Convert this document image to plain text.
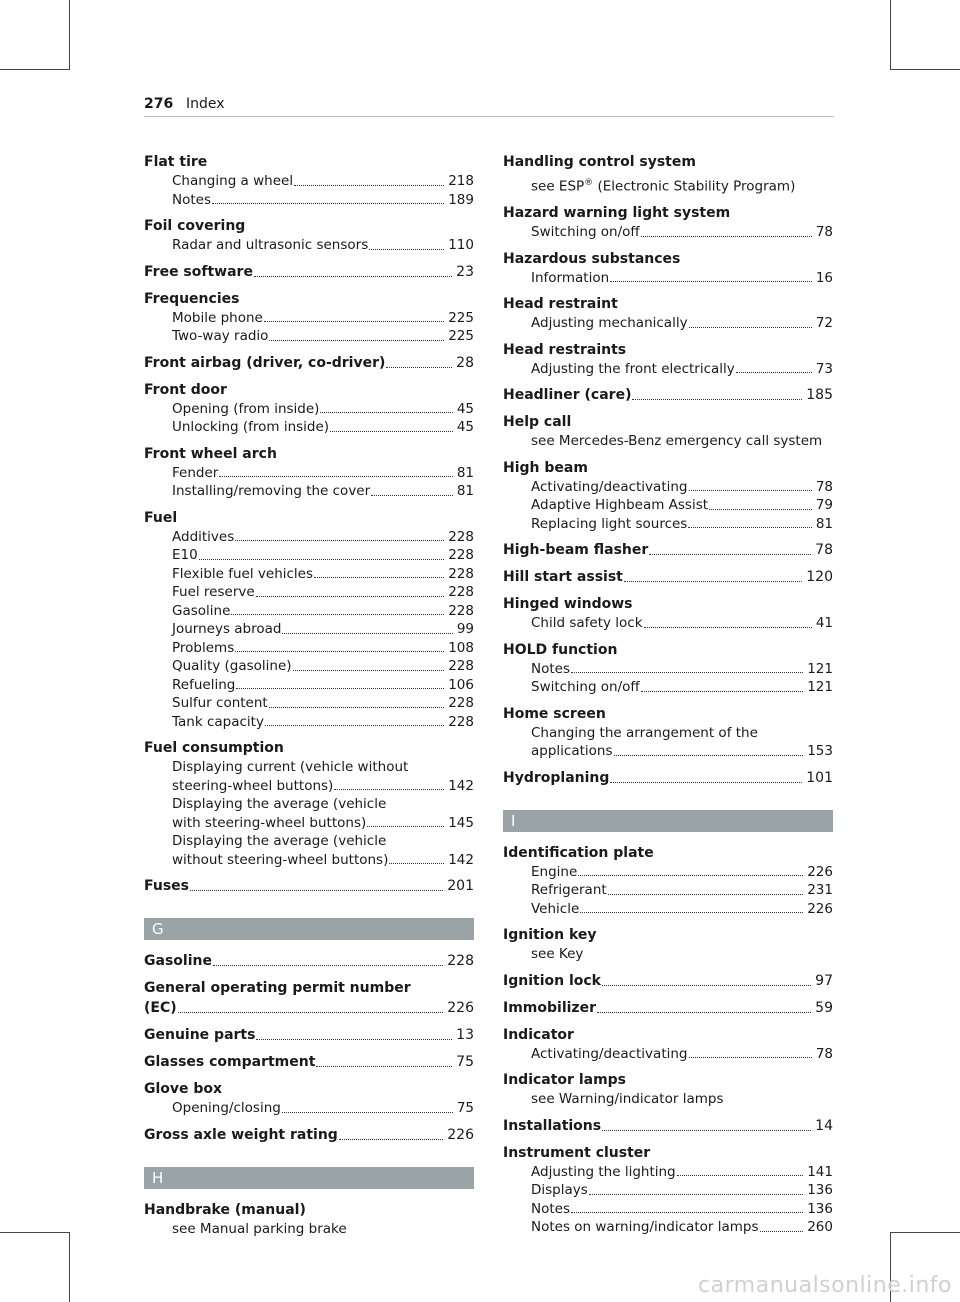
276 Index
Flat tire
Changing a wheel	218
Notes	189
Foil covering
Radar and ultrasonic sensors	110
Free software	23
Frequencies
Mobile phone	225
Two-way radio	225
Front airbag (driver, co-driver)	28
Front door
Opening (from inside)	45
Unlocking (from inside)	45
Front wheel arch
Fender	81
Installing/removing the cover	81
Fuel
Additives	228
E10	228
Flexible fuel vehicles	228
Fuel reserve	228
Gasoline	228
Journeys abroad	99
Problems	108
Quality (gasoline)	228
Refueling	106
Sulfur content	228
Tank capacity	228
Fuel consumption
Displaying current (vehicle without
steering-wheel buttons)	142
Displaying the average (vehicle
with steering-wheel buttons)	145
Displaying the average (vehicle
without steering-wheel buttons)	142
Fuses	201
G
Gasoline	228
General operating permit number
(EC)	226
Genuine parts	13
Glasses compartment	75
Glove box
Opening/closing	75
Gross axle weight rating	226
H
Handbrake (manual)
see Manual parking brake
Handling control system
see ESP® (Electronic Stability Program)
Hazard warning light system
Switching on/off	78
Hazardous substances
Information	16
Head restraint
Adjusting mechanically	72
Head restraints
Adjusting the front electrically	73
Headliner (care)	185
Help call
see Mercedes-Benz emergency call system
High beam
Activating/deactivating	78
Adaptive Highbeam Assist	79
Replacing light sources	81
High-beam flasher	78
Hill start assist	120
Hinged windows
Child safety lock	41
HOLD function
Notes	121
Switching on/off	121
Home screen
Changing the arrangement of the
applications	153
Hydroplaning	101
I
Identification plate
Engine	226
Refrigerant	231
Vehicle	226
Ignition key
see Key
Ignition lock	97
Immobilizer	59
Indicator
Activating/deactivating	78
Indicator lamps
see Warning/indicator lamps
Installations	14
Instrument cluster
Adjusting the lighting	141
Displays	136
Notes	136
Notes on warning/indicator lamps	260
carmanualsonline.info
